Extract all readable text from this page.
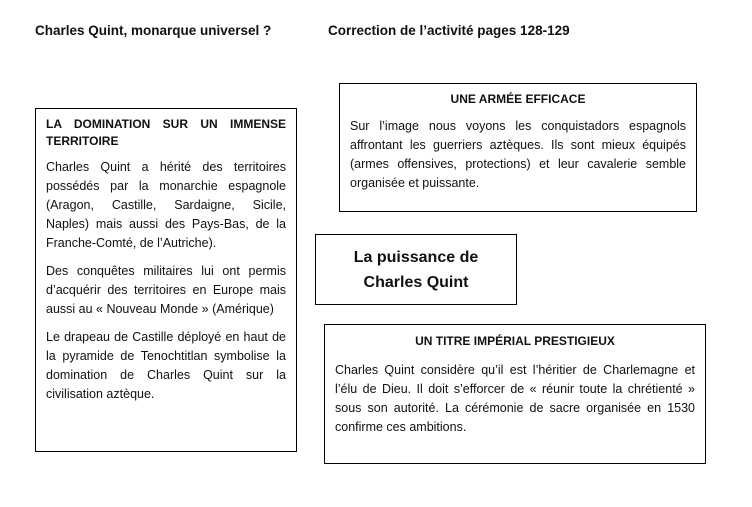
Charles Quint, monarque universel ?	Correction de l’activité pages 128-129
LA DOMINATION SUR UN IMMENSE
TERRITOIRE

Charles Quint a hérité des territoires possédés par la monarchie espagnole (Aragon, Castille, Sardaigne, Sicile, Naples) mais aussi des Pays-Bas, de la Franche-Comté, de l’Autriche).

Des conquêtes militaires lui ont permis d’acquérir des territoires en Europe mais aussi au « Nouveau Monde » (Amérique)

Le drapeau de Castille déployé en haut de la pyramide de Tenochtitlan symbolise la domination de Charles Quint sur la civilisation aztèque.

UNE ARMÉE EFFICACE

Sur l’image nous voyons les conquistadors espagnols affrontant les guerriers aztèques. Ils sont mieux équipés (armes offensives, protections) et leur cavalerie semble organisée et puissante.

La puissance de
Charles Quint
UN TITRE IMPÉRIAL PRESTIGIEUX

Charles Quint considère qu’il est l’héritier de Charlemagne et l’élu de Dieu. Il doit s’efforcer de « réunir toute la chrétienté » sous son autorité. La cérémonie de sacre organisée en 1530 confirme ces ambitions.
